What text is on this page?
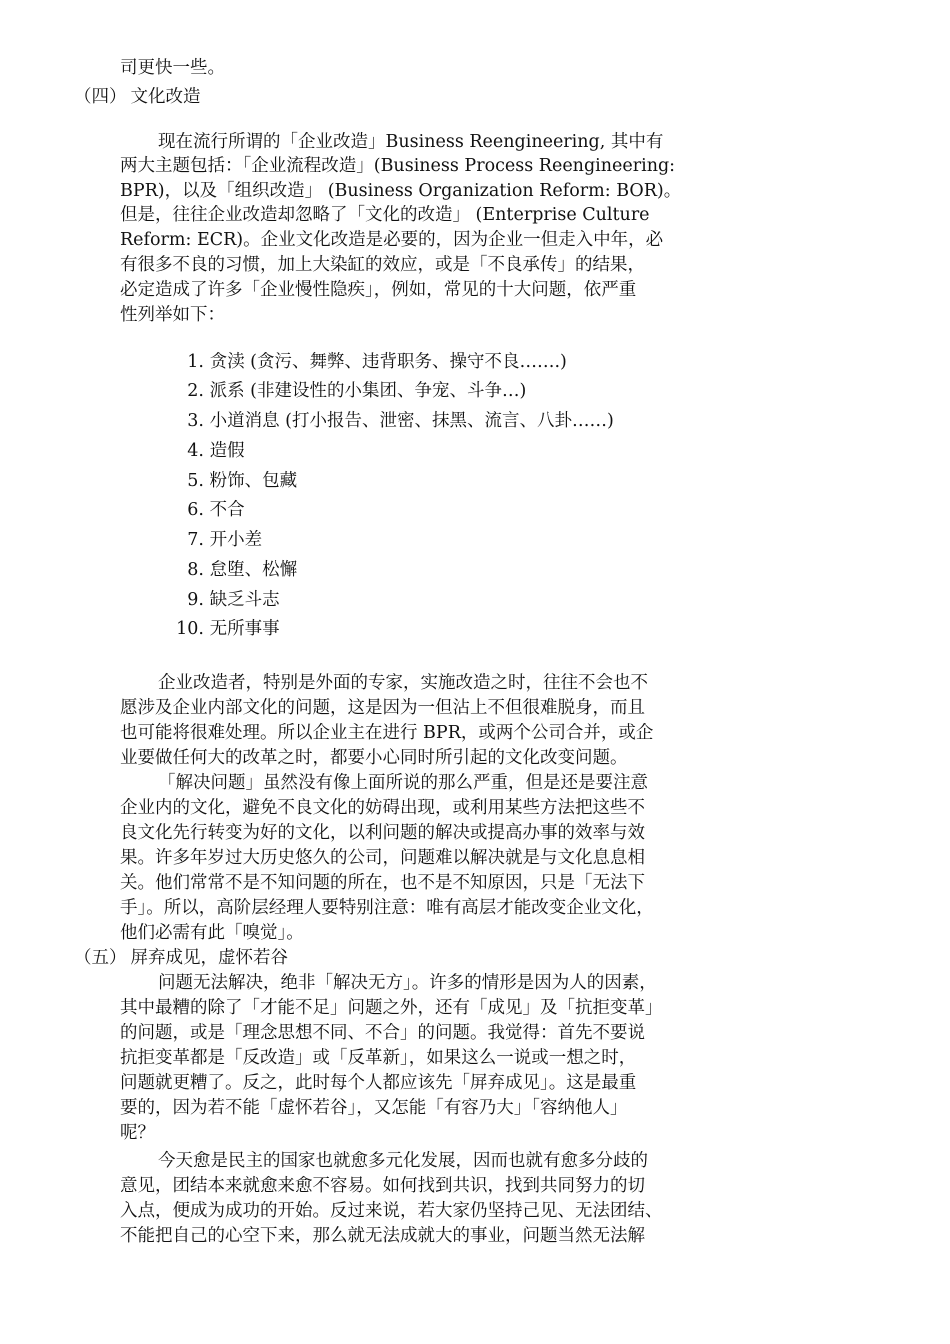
司更快一些。
（四） 文化改造
现在流行所谓的「企业改造」Business Reengineering, 其中有
两大主题包括：「企业流程改造」(Business Process Reengineering:
BPR)，以及「组织改造」 (Business Organization Reform: BOR)。
但是，往往企业改造却忽略了「文化的改造」 (Enterprise Culture
Reform: ECR)。企业文化改造是必要的，因为企业一但走入中年，必
有很多不良的习惯，加上大染缸的效应，或是「不良承传」的结果，
必定造成了许多「企业慢性隐疾」，例如，常见的十大问题，依严重
性列举如下：
1. 贪渎 (贪污、舞弊、违背职务、操守不良…….)
2. 派系 (非建设性的小集团、争宠、斗争…)
3. 小道消息 (打小报告、泄密、抹黑、流言、八卦……)
4. 造假
5. 粉饰、包藏
6. 不合
7. 开小差
8. 怠堕、松懈
9. 缺乏斗志
10. 无所事事
企业改造者，特别是外面的专家，实施改造之时，往往不会也不
愿涉及企业内部文化的问题，这是因为一但沾上不但很难脱身，而且
也可能将很难处理。所以企业主在进行 BPR，或两个公司合并，或企
业要做任何大的改革之时，都要小心同时所引起的文化改变问题。
「解决问题」虽然没有像上面所说的那么严重，但是还是要注意
企业内的文化，避免不良文化的妨碍出现，或利用某些方法把这些不
良文化先行转变为好的文化，以利问题的解决或提高办事的效率与效
果。许多年岁过大历史悠久的公司，问题难以解决就是与文化息息相
关。他们常常不是不知问题的所在，也不是不知原因，只是「无法下
手」。所以，高阶层经理人要特别注意：唯有高层才能改变企业文化，
他们必需有此「嗅觉」。
（五） 屏弃成见，虚怀若谷
问题无法解决，绝非「解决无方」。许多的情形是因为人的因素，
其中最糟的除了「才能不足」问题之外，还有「成见」及「抗拒变革」
的问题，或是「理念思想不同、不合」的问题。我觉得：首先不要说
抗拒变革都是「反改造」或「反革新」，如果这么一说或一想之时，
问题就更糟了。反之，此时每个人都应该先「屏弃成见」。这是最重
要的，因为若不能「虚怀若谷」，又怎能「有容乃大」「容纳他人」
呢？
今天愈是民主的国家也就愈多元化发展，因而也就有愈多分歧的
意见，团结本来就愈来愈不容易。如何找到共识，找到共同努力的切
入点，便成为成功的开始。反过来说，若大家仍坚持己见、无法团结、
不能把自己的心空下来，那么就无法成就大的事业，问题当然无法解
